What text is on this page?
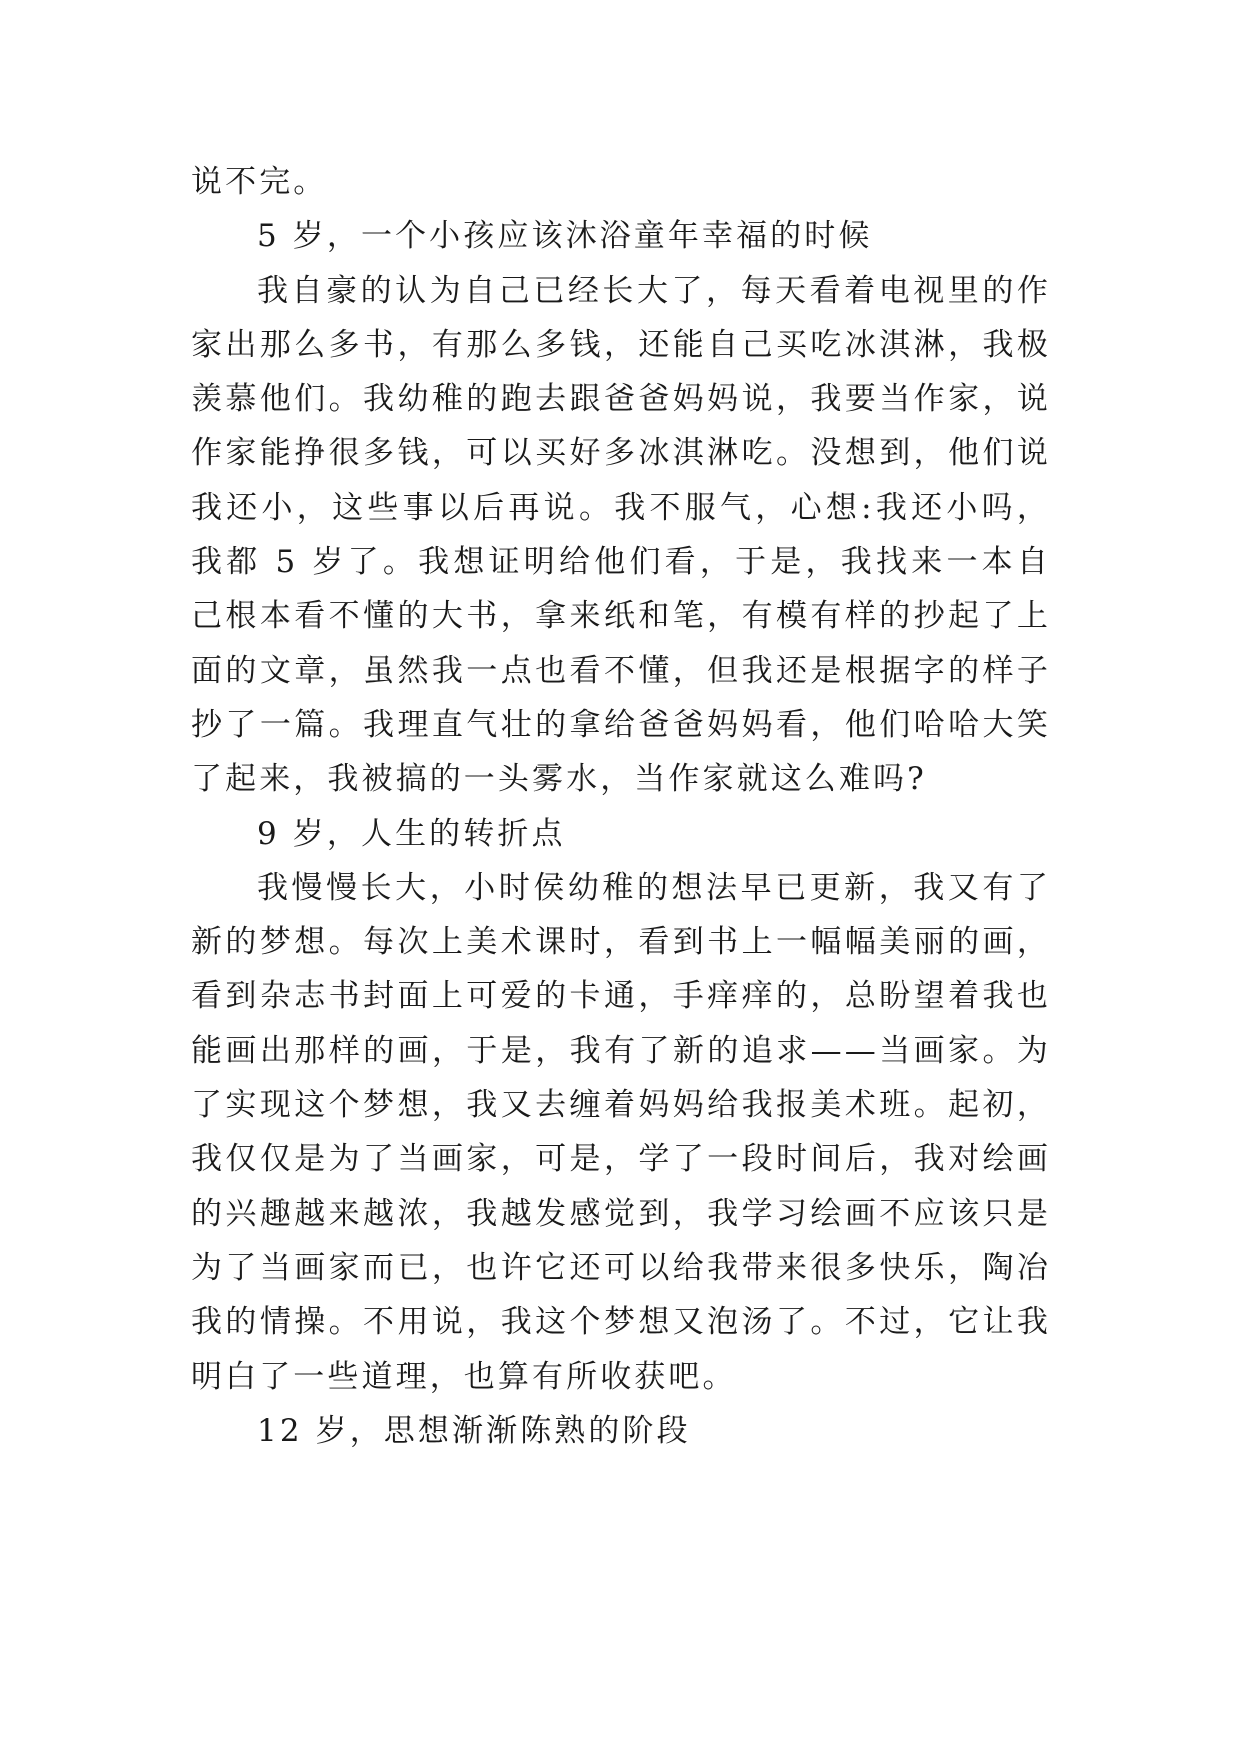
说不完。

5 岁，一个小孩应该沐浴童年幸福的时候

我自豪的认为自己已经长大了，每天看着电视里的作家出那么多书，有那么多钱，还能自己买吃冰淇淋，我极羡慕他们。我幼稚的跑去跟爸爸妈妈说，我要当作家，说作家能挣很多钱，可以买好多冰淇淋吃。没想到，他们说我还小，这些事以后再说。我不服气，心想:我还小吗，我都 5 岁了。我想证明给他们看，于是，我找来一本自己根本看不懂的大书，拿来纸和笔，有模有样的抄起了上面的文章，虽然我一点也看不懂，但我还是根据字的样子抄了一篇。我理直气壮的拿给爸爸妈妈看，他们哈哈大笑了起来，我被搞的一头雾水，当作家就这么难吗?

9 岁，人生的转折点

我慢慢长大，小时侯幼稚的想法早已更新，我又有了新的梦想。每次上美术课时，看到书上一幅幅美丽的画，看到杂志书封面上可爱的卡通，手痒痒的，总盼望着我也能画出那样的画，于是，我有了新的追求——当画家。为了实现这个梦想，我又去缠着妈妈给我报美术班。起初，我仅仅是为了当画家，可是，学了一段时间后，我对绘画的兴趣越来越浓，我越发感觉到，我学习绘画不应该只是为了当画家而已，也许它还可以给我带来很多快乐，陶冶我的情操。不用说，我这个梦想又泡汤了。不过，它让我明白了一些道理，也算有所收获吧。

12 岁，思想渐渐陈熟的阶段
